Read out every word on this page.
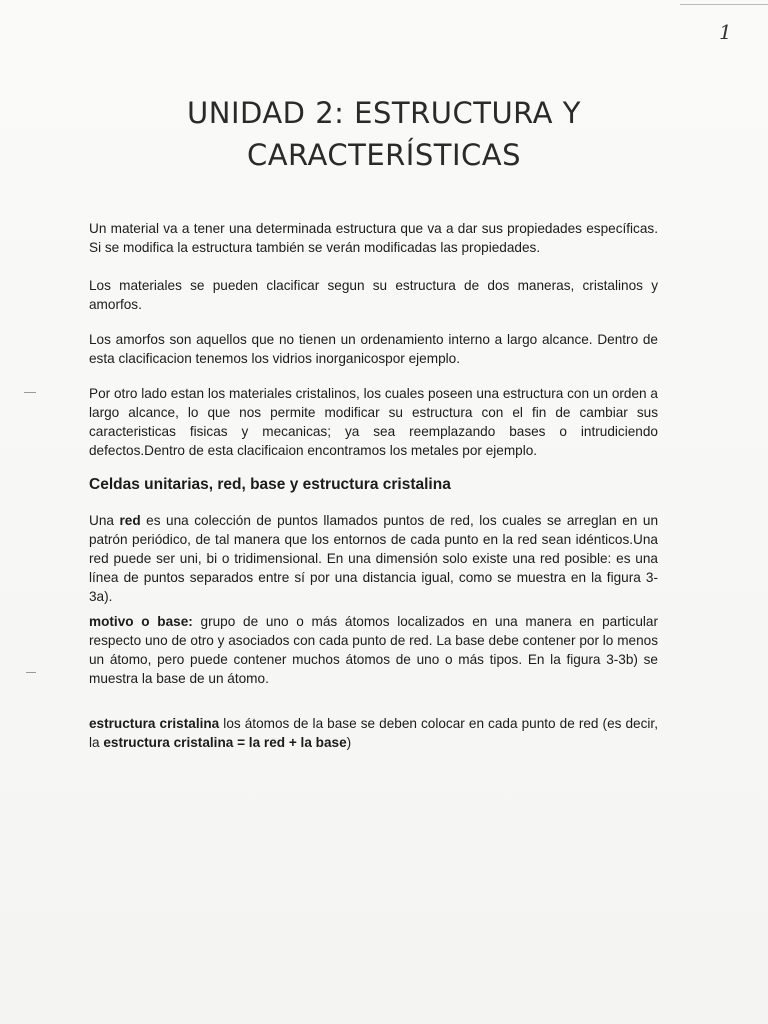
1
UNIDAD 2: ESTRUCTURA Y
CARACTERÍSTICAS

Un material va a tener una determinada estructura que va a dar sus propiedades específicas. Si se modifica la estructura también se verán modificadas las propiedades.

Los materiales se pueden clacificar segun su estructura de dos maneras, cristalinos y amorfos.

Los amorfos son aquellos que no tienen un ordenamiento interno a largo alcance. Dentro de esta clacificacion tenemos los vidrios inorganicospor ejemplo.

Por otro lado estan los materiales cristalinos, los cuales poseen una estructura con un orden a largo alcance, lo que nos permite modificar su estructura con el fin de cambiar sus caracteristicas fisicas y mecanicas; ya sea reemplazando bases o intrudiciendo defectos.Dentro de esta clacificaion encontramos los metales por ejemplo.

Celdas unitarias, red, base y estructura cristalina

Una red es una colección de puntos llamados puntos de red, los cuales se arreglan en un patrón periódico, de tal manera que los entornos de cada punto en la red sean idénticos.Una red puede ser uni, bi o tridimensional. En una dimensión solo existe una red posible: es una línea de puntos separados entre sí por una distancia igual, como se muestra en la figura 3-3a).

motivo o base: grupo de uno o más átomos localizados en una manera en particular respecto uno de otro y asociados con cada punto de red. La base debe contener por lo menos un átomo, pero puede contener muchos átomos de uno o más tipos. En la figura 3-3b) se muestra la base de un átomo.

estructura cristalina los átomos de la base se deben colocar en cada punto de red (es decir, la estructura cristalina = la red + la base)
